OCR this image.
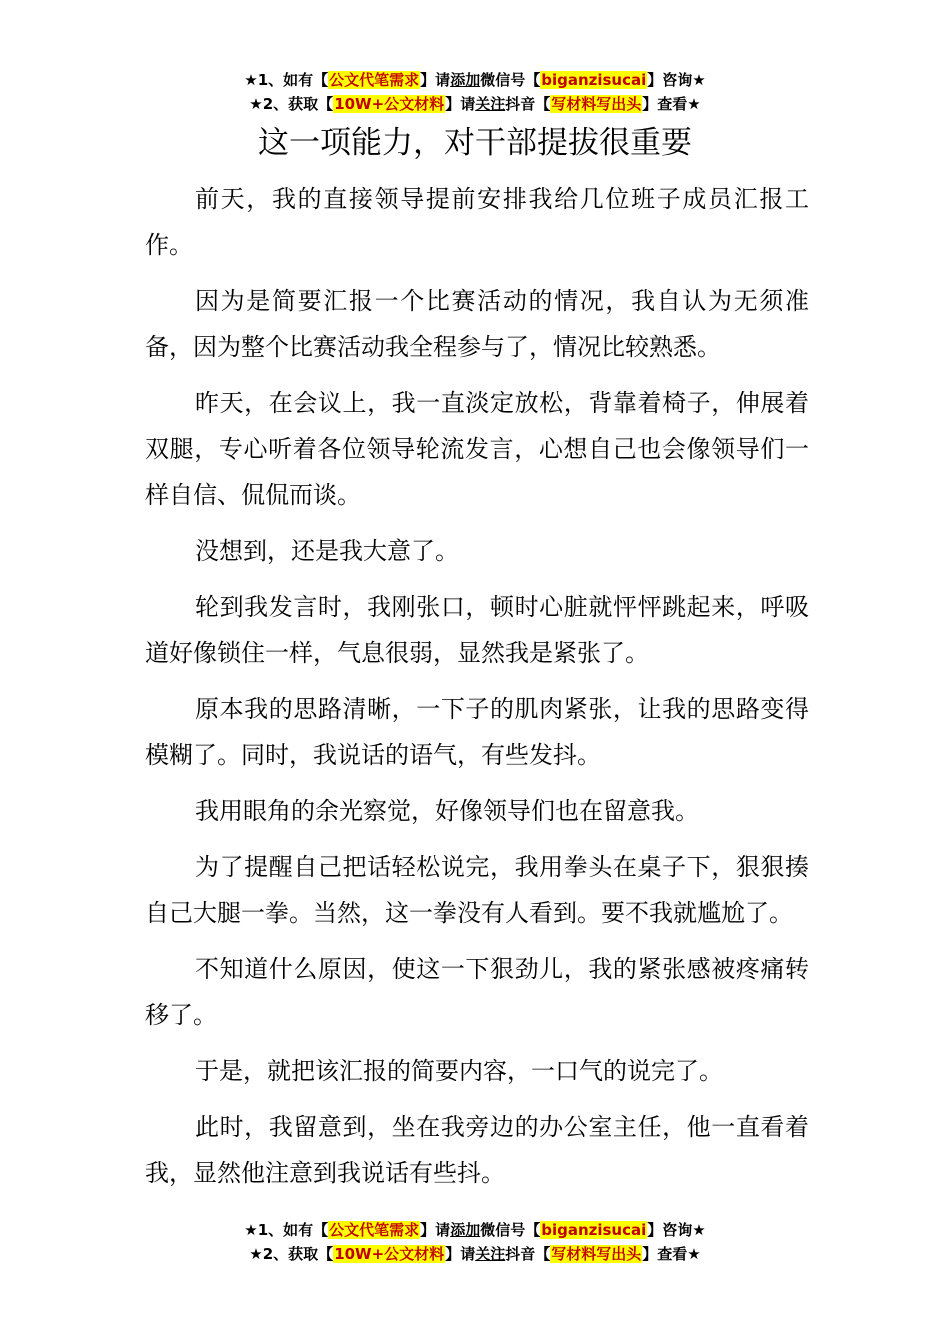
★1、如有【公文代笔需求】请添加微信号【biganzisucai】咨询★
★2、获取【10W+公文材料】请关注抖音【写材料写出头】查看★
这一项能力，对干部提拔很重要

前天，我的直接领导提前安排我给几位班子成员汇报工作。

因为是简要汇报一个比赛活动的情况，我自认为无须准备，因为整个比赛活动我全程参与了，情况比较熟悉。

昨天，在会议上，我一直淡定放松，背靠着椅子，伸展着双腿，专心听着各位领导轮流发言，心想自己也会像领导们一样自信、侃侃而谈。

没想到，还是我大意了。

轮到我发言时，我刚张口，顿时心脏就怦怦跳起来，呼吸道好像锁住一样，气息很弱，显然我是紧张了。

原本我的思路清晰，一下子的肌肉紧张，让我的思路变得模糊了。同时，我说话的语气，有些发抖。

我用眼角的余光察觉，好像领导们也在留意我。

为了提醒自己把话轻松说完，我用拳头在桌子下，狠狠揍自己大腿一拳。当然，这一拳没有人看到。要不我就尴尬了。

不知道什么原因，使这一下狠劲儿，我的紧张感被疼痛转移了。

于是，就把该汇报的简要内容，一口气的说完了。

此时，我留意到，坐在我旁边的办公室主任，他一直看着我，显然他注意到我说话有些抖。

★1、如有【公文代笔需求】请添加微信号【biganzisucai】咨询★
★2、获取【10W+公文材料】请关注抖音【写材料写出头】查看★
